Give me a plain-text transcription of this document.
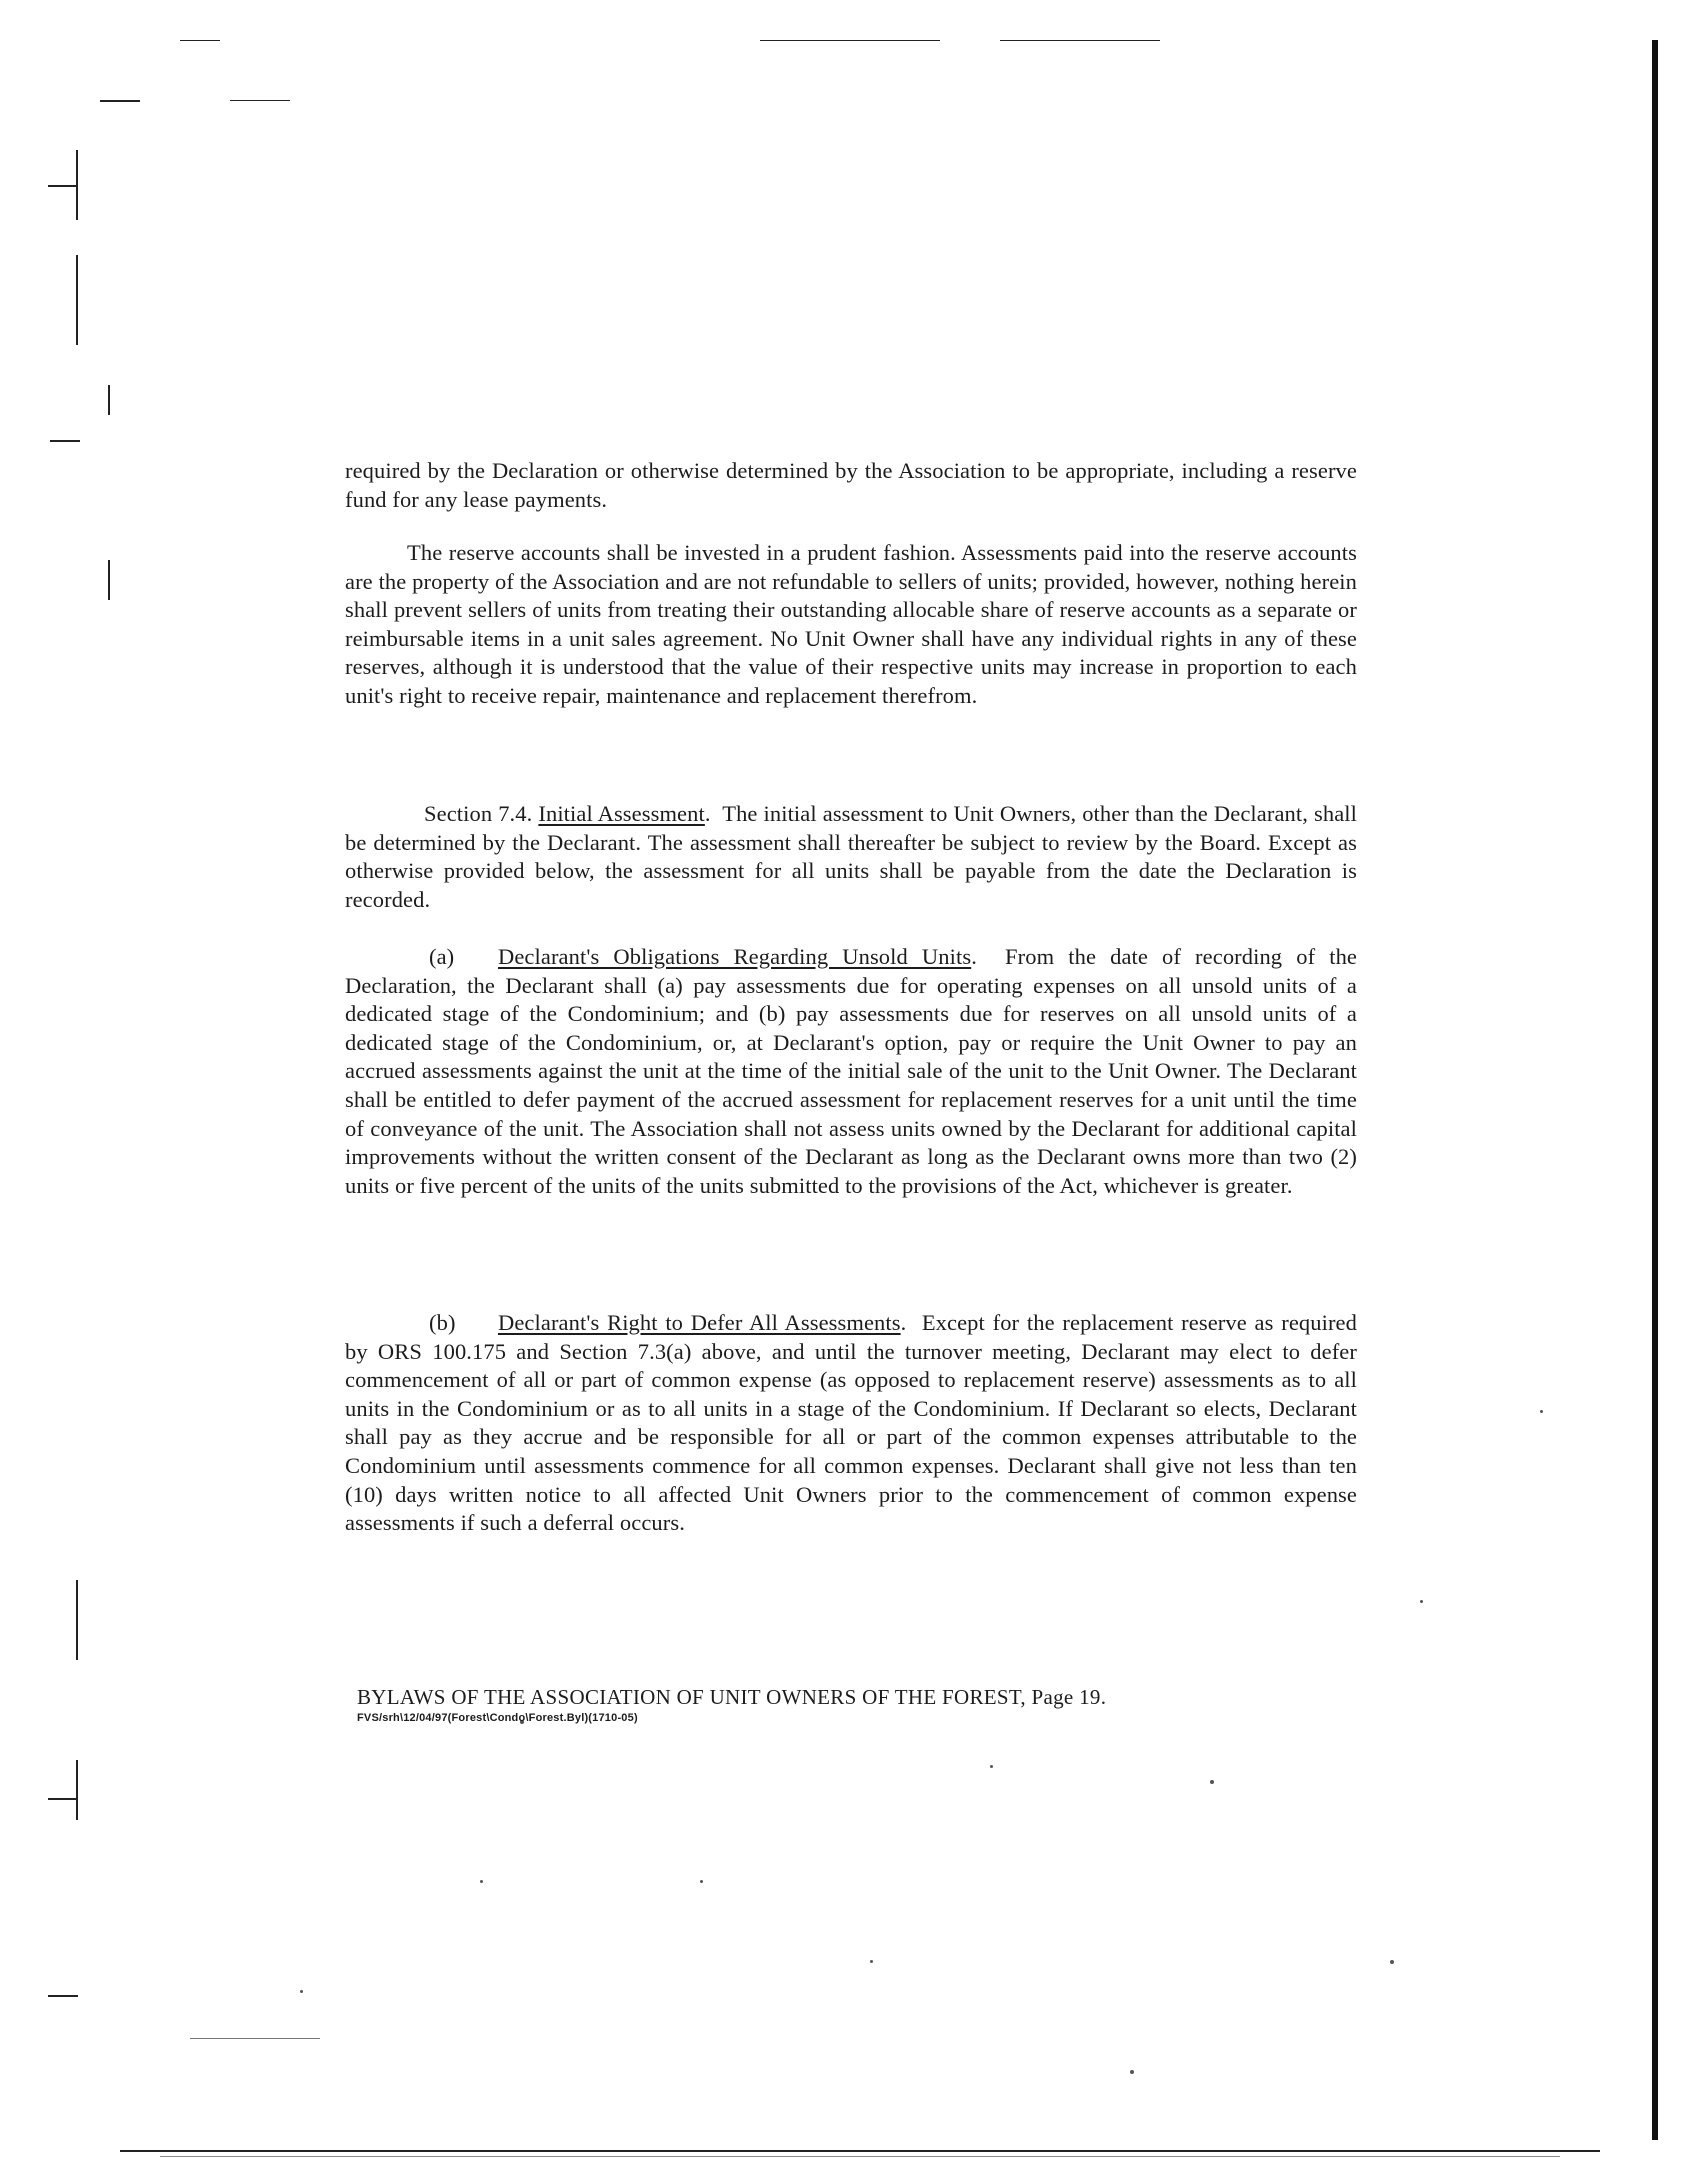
required by the Declaration or otherwise determined by the Association to be appropriate, including a reserve fund for any lease payments.

The reserve accounts shall be invested in a prudent fashion. Assessments paid into the reserve accounts are the property of the Association and are not refundable to sellers of units; provided, however, nothing herein shall prevent sellers of units from treating their outstanding allocable share of reserve accounts as a separate or reimbursable items in a unit sales agreement. No Unit Owner shall have any individual rights in any of these reserves, although it is understood that the value of their respective units may increase in proportion to each unit's right to receive repair, maintenance and replacement therefrom.

Section 7.4. Initial Assessment.  The initial assessment to Unit Owners, other than the Declarant, shall be determined by the Declarant. The assessment shall thereafter be subject to review by the Board. Except as otherwise provided below, the assessment for all units shall be payable from the date the Declaration is recorded.

(a) Declarant's Obligations Regarding Unsold Units.  From the date of recording of the Declaration, the Declarant shall (a) pay assessments due for operating expenses on all unsold units of a dedicated stage of the Condominium; and (b) pay assessments due for reserves on all unsold units of a dedicated stage of the Condominium, or, at Declarant's option, pay or require the Unit Owner to pay an accrued assessments against the unit at the time of the initial sale of the unit to the Unit Owner. The Declarant shall be entitled to defer payment of the accrued assessment for replacement reserves for a unit until the time of conveyance of the unit. The Association shall not assess units owned by the Declarant for additional capital improvements without the written consent of the Declarant as long as the Declarant owns more than two (2) units or five percent of the units of the units submitted to the provisions of the Act, whichever is greater.

(b) Declarant's Right to Defer All Assessments.  Except for the replacement reserve as required by ORS 100.175 and Section 7.3(a) above, and until the turnover meeting, Declarant may elect to defer commencement of all or part of common expense (as opposed to replacement reserve) assessments as to all units in the Condominium or as to all units in a stage of the Condominium. If Declarant so elects, Declarant shall pay as they accrue and be responsible for all or part of the common expenses attributable to the Condominium until assessments commence for all common expenses. Declarant shall give not less than ten (10) days written notice to all affected Unit Owners prior to the commencement of common expense assessments if such a deferral occurs.

BYLAWS OF THE ASSOCIATION OF UNIT OWNERS OF THE FOREST, Page 19.
FVS/srh\12/04/97(Forest\Condo\Forest.Byl)(1710-05)
